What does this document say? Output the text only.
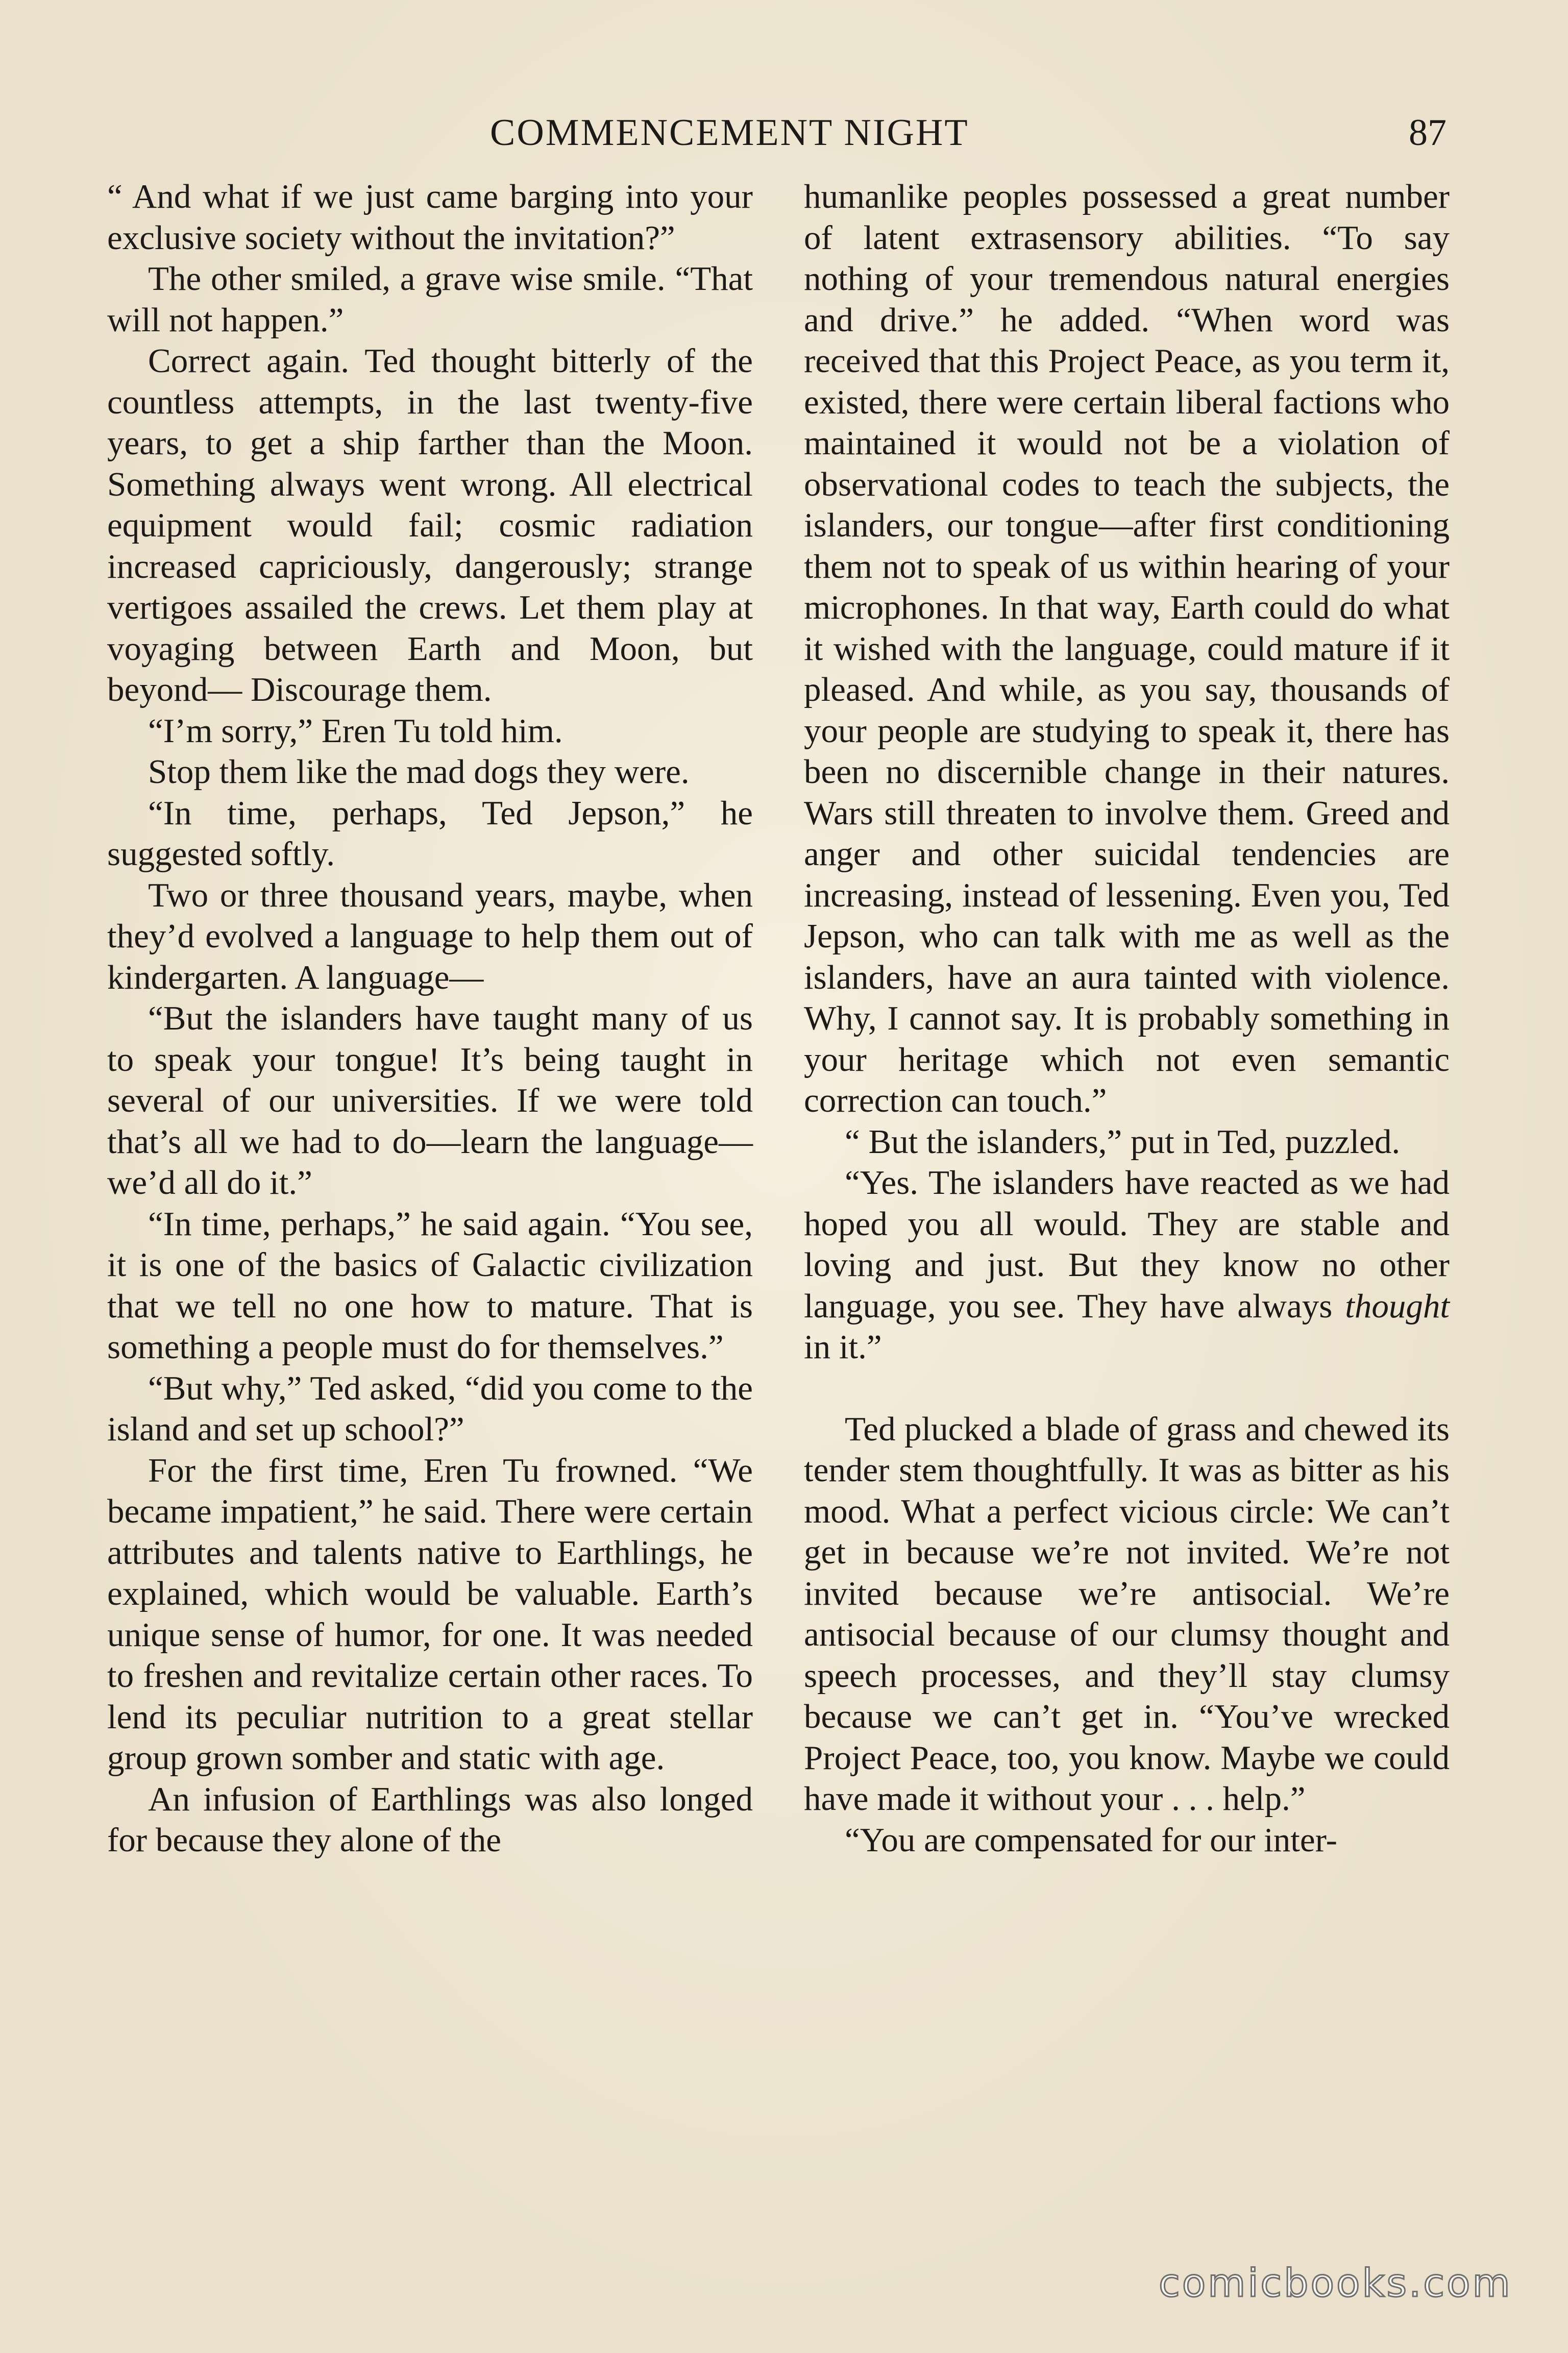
COMMENCEMENT NIGHT	87

“ And what if we just came barging into your exclusive society without the invitation?”

The other smiled, a grave wise smile. “That will not happen.”

Correct again. Ted thought bitterly of the countless attempts, in the last twenty-five years, to get a ship farther than the Moon. Something always went wrong. All electrical equipment would fail; cosmic radiation increased capriciously, dangerously; strange vertigoes assailed the crews. Let them play at voyaging between Earth and Moon, but beyond— Discourage them.

“I’m sorry,” Eren Tu told him.

Stop them like the mad dogs they were.

“In time, perhaps, Ted Jepson,” he suggested softly.

Two or three thousand years, maybe, when they’d evolved a language to help them out of kindergarten. A language—

“But the islanders have taught many of us to speak your tongue! It’s being taught in several of our universities. If we were told that’s all we had to do—learn the language—we’d all do it.”

“In time, perhaps,” he said again. “You see, it is one of the basics of Galactic civilization that we tell no one how to mature. That is something a people must do for themselves.”

“But why,” Ted asked, “did you come to the island and set up school?”

For the first time, Eren Tu frowned. “We became impatient,” he said. There were certain attributes and talents native to Earthlings, he explained, which would be valuable. Earth’s unique sense of humor, for one. It was needed to freshen and revitalize certain other races. To lend its peculiar nutrition to a great stellar group grown somber and static with age.

An infusion of Earthlings was also longed for because they alone of the

humanlike peoples possessed a great number of latent extrasensory abilities. “To say nothing of your tremendous natural energies and drive.” he added. “When word was received that this Project Peace, as you term it, existed, there were certain liberal factions who maintained it would not be a violation of observational codes to teach the subjects, the islanders, our tongue—after first conditioning them not to speak of us within hearing of your microphones. In that way, Earth could do what it wished with the language, could mature if it pleased. And while, as you say, thousands of your people are studying to speak it, there has been no discernible change in their natures. Wars still threaten to involve them. Greed and anger and other suicidal tendencies are increasing, instead of lessening. Even you, Ted Jepson, who can talk with me as well as the islanders, have an aura tainted with violence. Why, I cannot say. It is probably something in your heritage which not even semantic correction can touch.”

“ But the islanders,” put in Ted, puzzled.

“Yes. The islanders have reacted as we had hoped you all would. They are stable and loving and just. But they know no other language, you see. They have always thought in it.”

Ted plucked a blade of grass and chewed its tender stem thoughtfully. It was as bitter as his mood. What a perfect vicious circle: We can’t get in because we’re not invited. We’re not invited because we’re antisocial. We’re antisocial because of our clumsy thought and speech processes, and they’ll stay clumsy because we can’t get in. “You’ve wrecked Project Peace, too, you know. Maybe we could have made it without your . . . help.”

“You are compensated for our inter-

comicbooks.com
